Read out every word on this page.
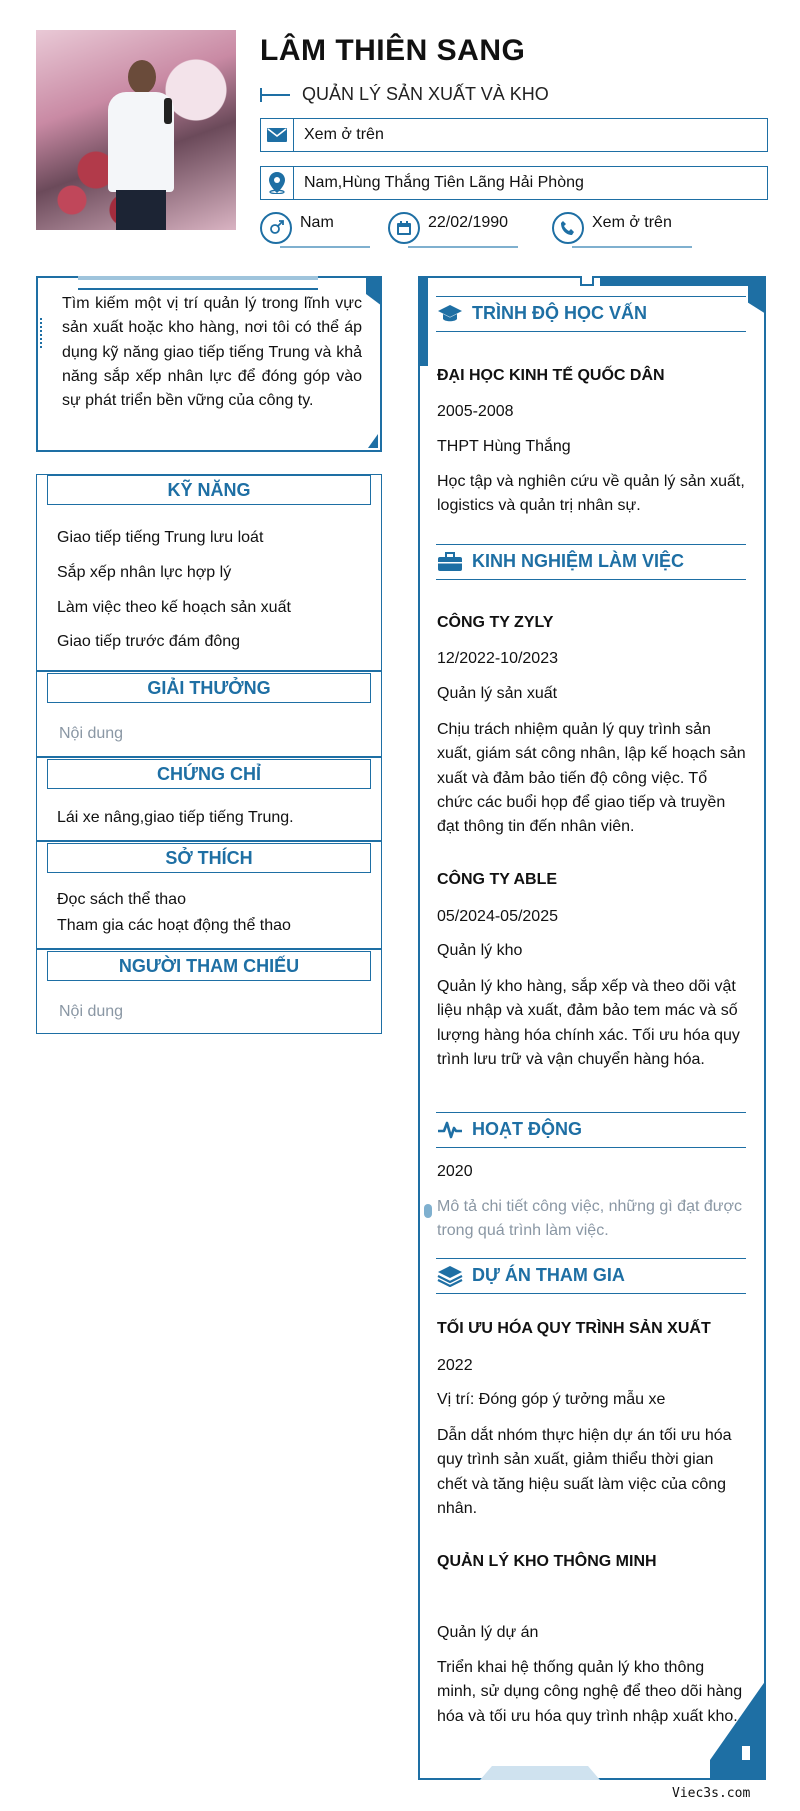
LÂM THIÊN SANG
QUẢN LÝ SẢN XUẤT VÀ KHO
Xem ở trên
Nam,Hùng Thắng Tiên Lãng Hải Phòng
Nam	22/02/1990	Xem ở trên
Tìm kiếm một vị trí quản lý trong lĩnh vực sản xuất hoặc kho hàng, nơi tôi có thể áp dụng kỹ năng giao tiếp tiếng Trung và khả năng sắp xếp nhân lực để đóng góp vào sự phát triển bền vững của công ty.
KỸ NĂNG
Giao tiếp tiếng Trung lưu loát
Sắp xếp nhân lực hợp lý
Làm việc theo kế hoạch sản xuất
Giao tiếp trước đám đông
GIẢI THƯỞNG
Nội dung
CHỨNG CHỈ
Lái xe nâng,giao tiếp tiếng Trung.
SỞ THÍCH
Đọc sách thể thao
Tham gia các hoạt động thể thao
NGƯỜI THAM CHIẾU
Nội dung
TRÌNH ĐỘ HỌC VẤN
ĐẠI HỌC KINH TẾ QUỐC DÂN
2005-2008
THPT Hùng Thắng
Học tập và nghiên cứu về quản lý sản xuất, logistics và quản trị nhân sự.
KINH NGHIỆM LÀM VIỆC
CÔNG TY ZYLY
12/2022-10/2023
Quản lý sản xuất
Chịu trách nhiệm quản lý quy trình sản xuất, giám sát công nhân, lập kế hoạch sản xuất và đảm bảo tiến độ công việc. Tổ chức các buổi họp để giao tiếp và truyền đạt thông tin đến nhân viên.
CÔNG TY ABLE
05/2024-05/2025
Quản lý kho
Quản lý kho hàng, sắp xếp và theo dõi vật liệu nhập và xuất, đảm bảo tem mác và số lượng hàng hóa chính xác. Tối ưu hóa quy trình lưu trữ và vận chuyển hàng hóa.
HOẠT ĐỘNG
2020
Mô tả chi tiết công việc, những gì đạt được trong quá trình làm việc.
DỰ ÁN THAM GIA
TỐI ƯU HÓA QUY TRÌNH SẢN XUẤT
2022
Vị trí: Đóng góp ý tưởng mẫu xe
Dẫn dắt nhóm thực hiện dự án tối ưu hóa quy trình sản xuất, giảm thiểu thời gian chết và tăng hiệu suất làm việc của công nhân.
QUẢN LÝ KHO THÔNG MINH
Quản lý dự án
Triển khai hệ thống quản lý kho thông minh, sử dụng công nghệ để theo dõi hàng hóa và tối ưu hóa quy trình nhập xuất kho.
Viec3s.com
